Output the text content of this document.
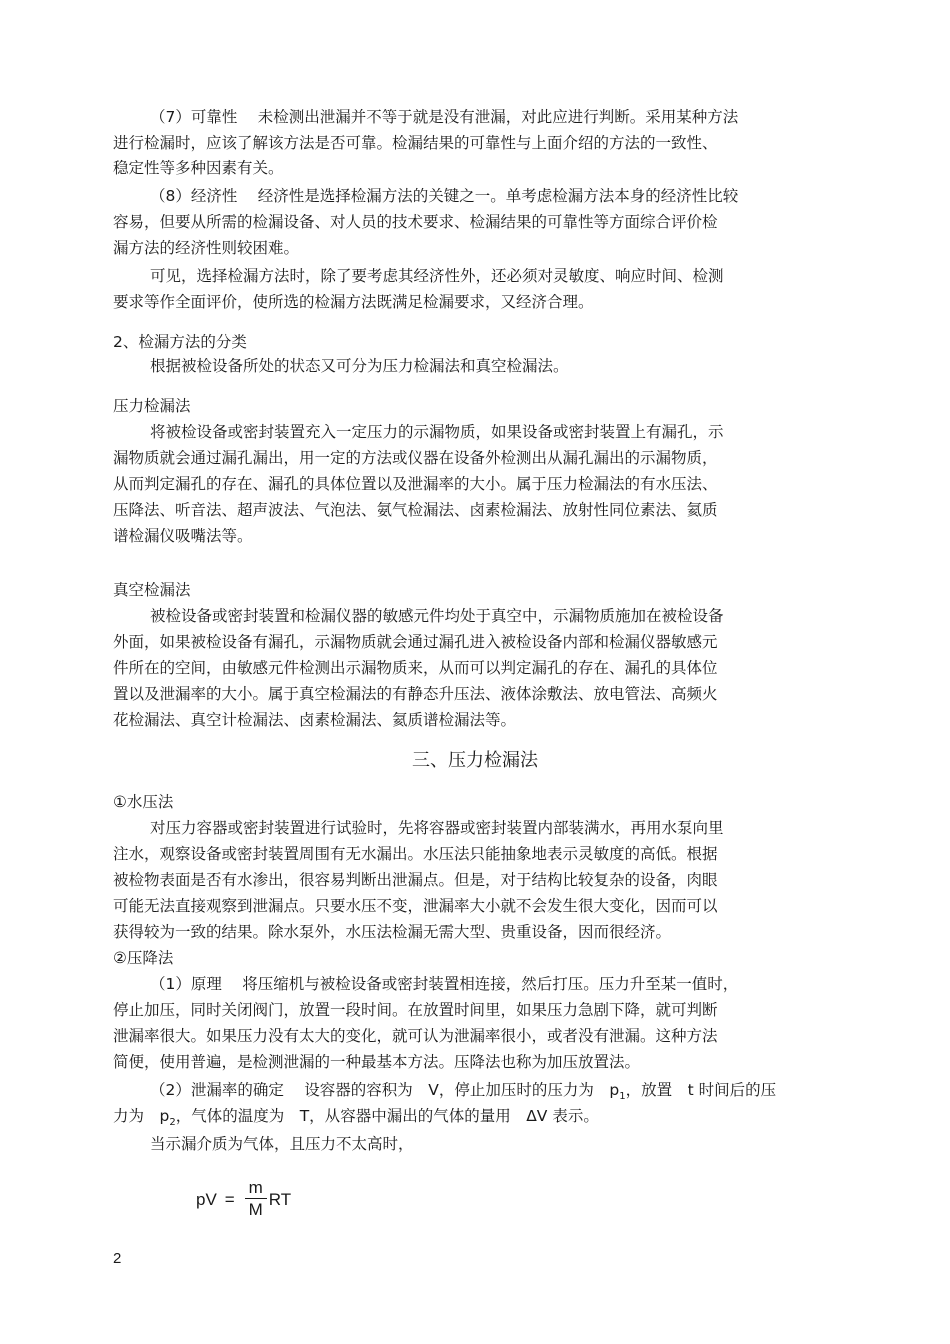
（7）可靠性　 未检测出泄漏并不等于就是没有泄漏，对此应进行判断。采用某种方法
进行检漏时，应该了解该方法是否可靠。检漏结果的可靠性与上面介绍的方法的一致性、
稳定性等多种因素有关。
（8）经济性　 经济性是选择检漏方法的关键之一。单考虑检漏方法本身的经济性比较
容易，但要从所需的检漏设备、对人员的技术要求、检漏结果的可靠性等方面综合评价检
漏方法的经济性则较困难。
可见，选择检漏方法时，除了要考虑其经济性外，还必须对灵敏度、响应时间、检测
要求等作全面评价，使所选的检漏方法既满足检漏要求，又经济合理。
2、检漏方法的分类
根据被检设备所处的状态又可分为压力检漏法和真空检漏法。
压力检漏法
将被检设备或密封装置充入一定压力的示漏物质，如果设备或密封装置上有漏孔，示
漏物质就会通过漏孔漏出，用一定的方法或仪器在设备外检测出从漏孔漏出的示漏物质，
从而判定漏孔的存在、漏孔的具体位置以及泄漏率的大小。属于压力检漏法的有水压法、
压降法、听音法、超声波法、气泡法、氨气检漏法、卤素检漏法、放射性同位素法、氦质
谱检漏仪吸嘴法等。
真空检漏法
被检设备或密封装置和检漏仪器的敏感元件均处于真空中，示漏物质施加在被检设备
外面，如果被检设备有漏孔，示漏物质就会通过漏孔进入被检设备内部和检漏仪器敏感元
件所在的空间，由敏感元件检测出示漏物质来，从而可以判定漏孔的存在、漏孔的具体位
置以及泄漏率的大小。属于真空检漏法的有静态升压法、液体涂敷法、放电管法、高频火
花检漏法、真空计检漏法、卤素检漏法、氦质谱检漏法等。
三、压力检漏法
①水压法
对压力容器或密封装置进行试验时，先将容器或密封装置内部装满水，再用水泵向里
注水，观察设备或密封装置周围有无水漏出。水压法只能抽象地表示灵敏度的高低。根据
被检物表面是否有水渗出，很容易判断出泄漏点。但是，对于结构比较复杂的设备，肉眼
可能无法直接观察到泄漏点。只要水压不变，泄漏率大小就不会发生很大变化，因而可以
获得较为一致的结果。除水泵外，水压法检漏无需大型、贵重设备，因而很经济。
②压降法
（1）原理　 将压缩机与被检设备或密封装置相连接，然后打压。压力升至某一值时，
停止加压，同时关闭阀门，放置一段时间。在放置时间里，如果压力急剧下降，就可判断
泄漏率很大。如果压力没有太大的变化，就可认为泄漏率很小，或者没有泄漏。这种方法
简便，使用普遍，是检测泄漏的一种最基本方法。压降法也称为加压放置法。
（2）泄漏率的确定　 设容器的容积为　V，停止加压时的压力为　$p_1$，放置　t 时间后的压
力为　$p_2$，气体的温度为　T，从容器中漏出的气体的量用　ΔV 表示。
当示漏介质为气体，且压力不太高时，
pV = $\frac{m}{M}$ RT
2
